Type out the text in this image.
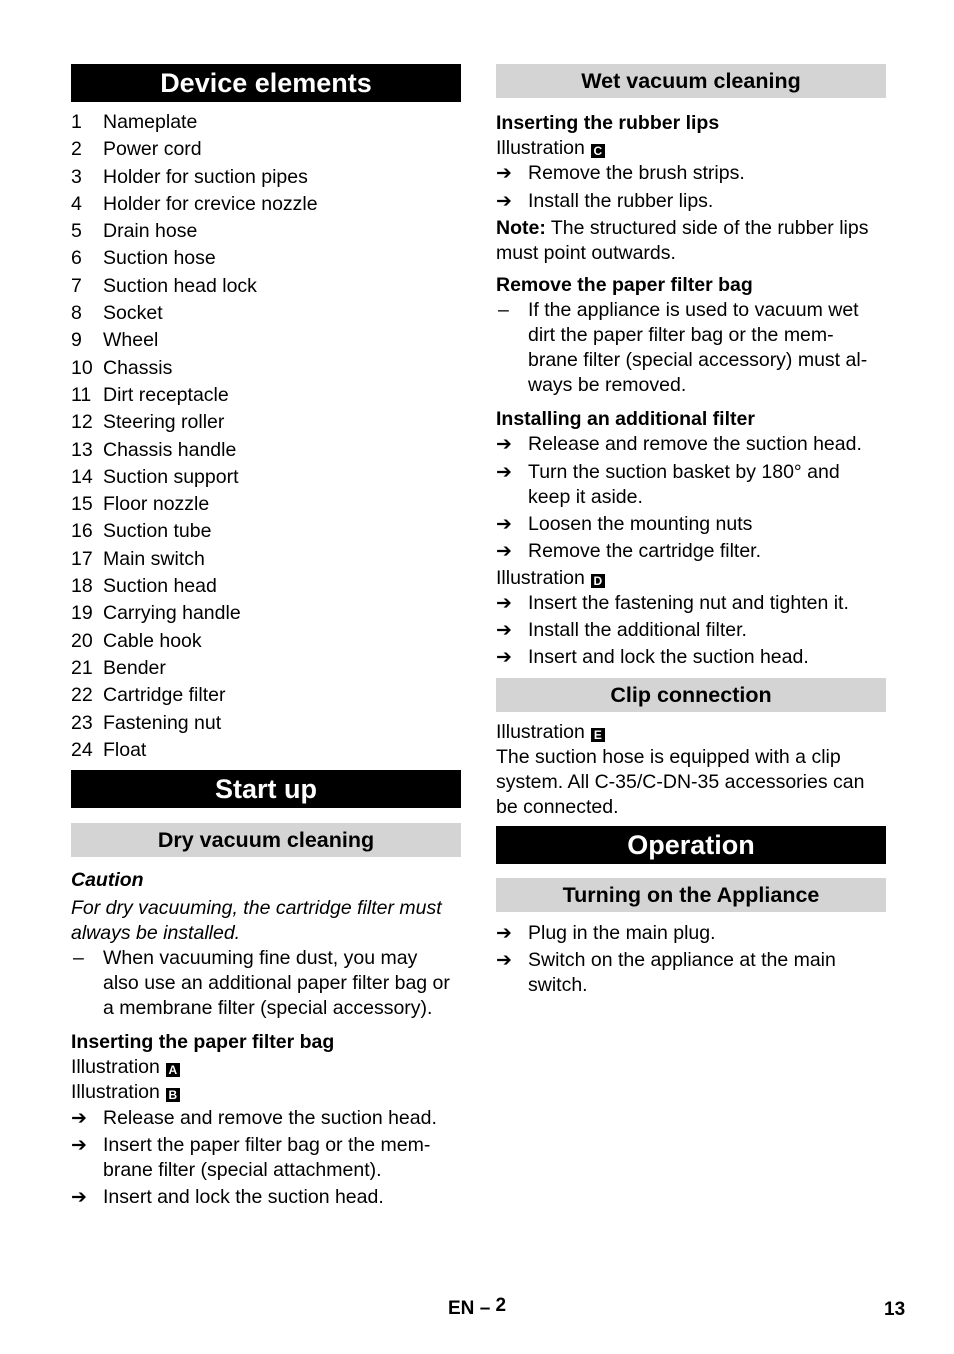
Device elements
1	Nameplate
2	Power cord
3	Holder for suction pipes
4	Holder for crevice nozzle
5	Drain hose
6	Suction hose
7	Suction head lock
8	Socket
9	Wheel
10 Chassis
11 Dirt receptacle
12 Steering roller
13 Chassis handle
14 Suction support
15 Floor nozzle
16 Suction tube
17 Main switch
18 Suction head
19 Carrying handle
20 Cable hook
21 Bender
22 Cartridge filter
23 Fastening nut
24 Float
Start up
Dry vacuum cleaning
Caution
For dry vacuuming, the cartridge filter must
always be installed.
– When vacuuming fine dust, you may
also use an additional paper filter bag or
a membrane filter (special accessory).
Inserting the paper filter bag
Illustration A
Illustration B
➔ Release and remove the suction head.
➔ Insert the paper filter bag or the mem-
brane filter (special attachment).
➔ Insert and lock the suction head.
Wet vacuum cleaning
Inserting the rubber lips
Illustration C
➔ Remove the brush strips.
➔ Install the rubber lips.
Note: The structured side of the rubber lips
must point outwards.
Remove the paper filter bag
– If the appliance is used to vacuum wet
dirt the paper filter bag or the mem-
brane filter (special accessory) must al-
ways be removed.
Installing an additional filter
➔ Release and remove the suction head.
➔ Turn the suction basket by 180° and
keep it aside.
➔ Loosen the mounting nuts
➔ Remove the cartridge filter.
Illustration D
➔ Insert the fastening nut and tighten it.
➔ Install the additional filter.
➔ Insert and lock the suction head.
Clip connection
Illustration E
The suction hose is equipped with a clip
system. All C-35/C-DN-35 accessories can
be connected.
Operation
Turning on the Appliance
➔ Plug in the main plug.
➔ Switch on the appliance at the main
switch.
EN – 2	13
